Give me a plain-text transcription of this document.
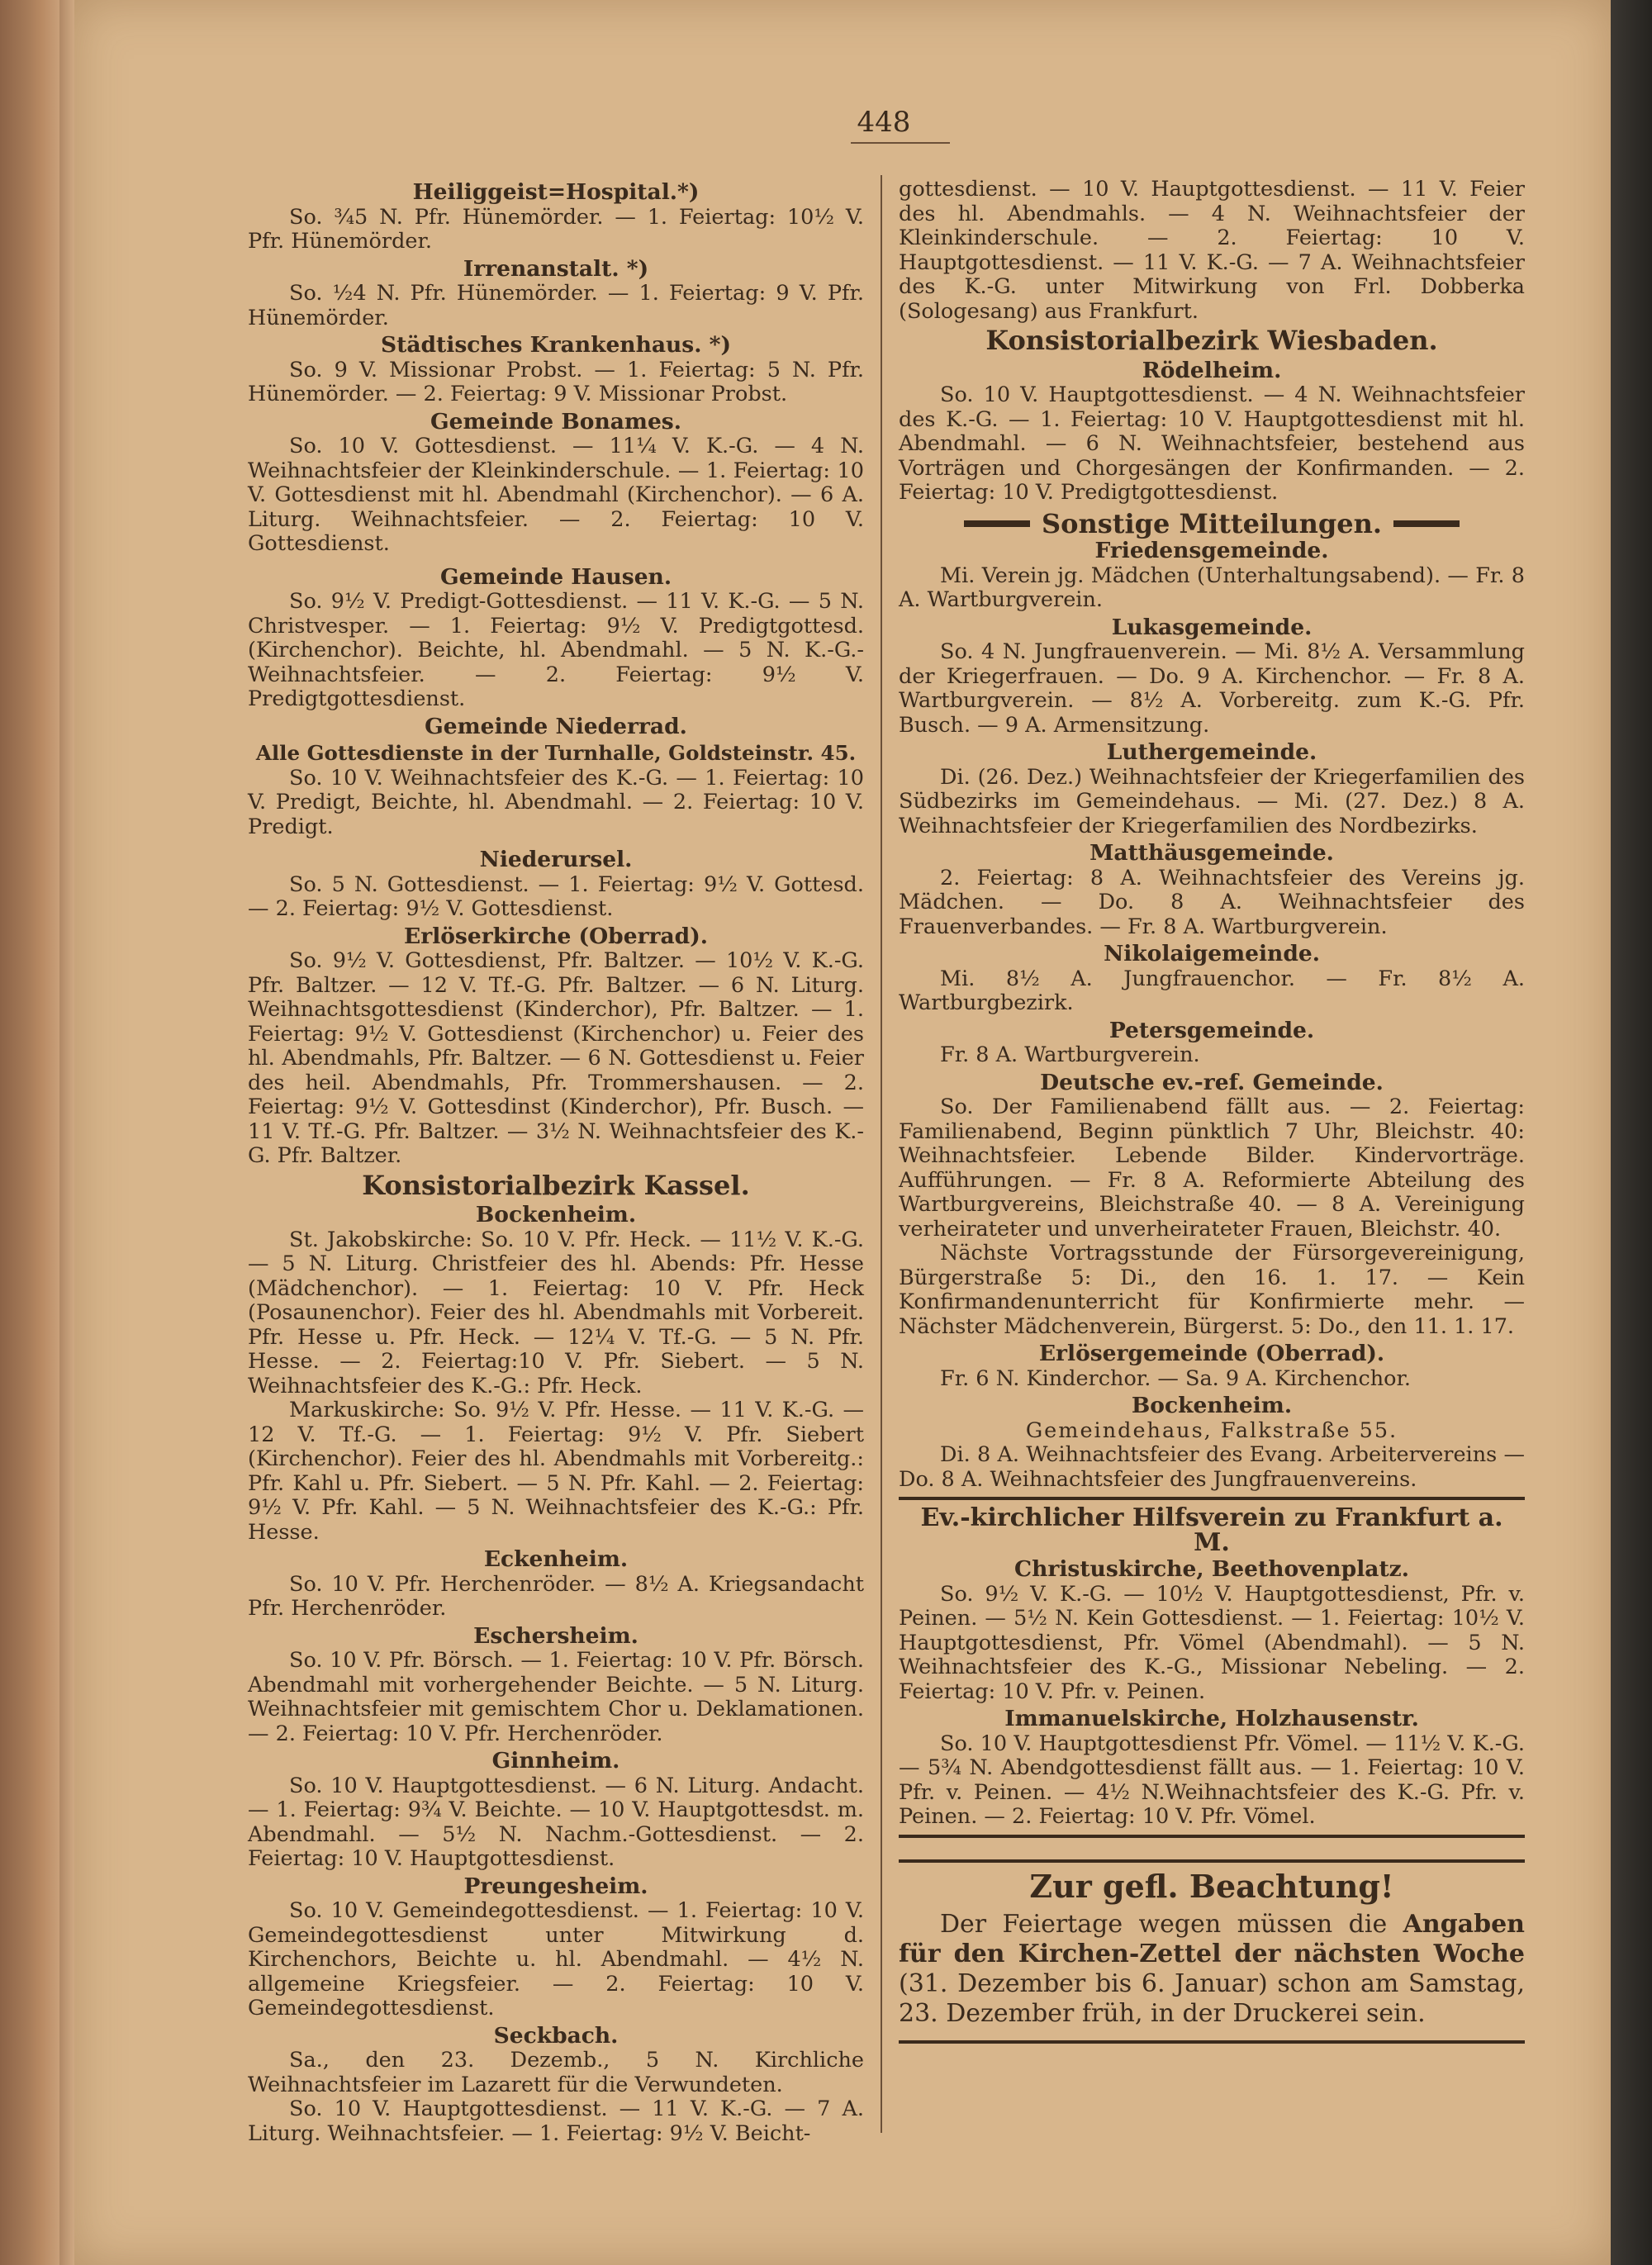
448
Heiliggeist=Hospital.*)

So. ¾5 N. Pfr. Hünemörder. — 1. Feiertag: 10½ V. Pfr. Hünemörder.

Irrenanstalt. *)

So. ½4 N. Pfr. Hünemörder. — 1. Feiertag: 9 V. Pfr. Hünemörder.

Städtisches Krankenhaus. *)

So. 9 V. Missionar Probst. — 1. Feiertag: 5 N. Pfr. Hünemörder. — 2. Feiertag: 9 V. Missionar Probst.

Gemeinde Bonames.

So. 10 V. Gottesdienst. — 11¼ V. K.-G. — 4 N. Weihnachtsfeier der Kleinkinderschule. — 1. Feiertag: 10 V. Gottesdienst mit hl. Abendmahl (Kirchenchor). — 6 A. Liturg. Weihnachtsfeier. — 2. Feiertag: 10 V. Gottesdienst.

Gemeinde Hausen.

So. 9½ V. Predigt-Gottesdienst. — 11 V. K.-G. — 5 N. Christvesper. — 1. Feiertag: 9½ V. Predigtgottesd. (Kirchenchor). Beichte, hl. Abendmahl. — 5 N. K.-G.-Weihnachtsfeier. — 2. Feiertag: 9½ V. Predigtgottesdienst.

Gemeinde Niederrad.
Alle Gottesdienste in der Turnhalle, Goldsteinstr. 45.

So. 10 V. Weihnachtsfeier des K.-G. — 1. Feiertag: 10 V. Predigt, Beichte, hl. Abendmahl. — 2. Feiertag: 10 V. Predigt.

Niederursel.

So. 5 N. Gottesdienst. — 1. Feiertag: 9½ V. Gottesd. — 2. Feiertag: 9½ V. Gottesdienst.

Erlöserkirche (Oberrad).

So. 9½ V. Gottesdienst, Pfr. Baltzer. — 10½ V. K.-G. Pfr. Baltzer. — 12 V. Tf.-G. Pfr. Baltzer. — 6 N. Liturg. Weihnachtsgottesdienst (Kinderchor), Pfr. Baltzer. — 1. Feiertag: 9½ V. Gottesdienst (Kirchenchor) u. Feier des hl. Abendmahls, Pfr. Baltzer. — 6 N. Gottesdienst u. Feier des heil. Abendmahls, Pfr. Trommershausen. — 2. Feiertag: 9½ V. Gottesdinst (Kinderchor), Pfr. Busch. — 11 V. Tf.-G. Pfr. Baltzer. — 3½ N. Weihnachtsfeier des K.-G. Pfr. Baltzer.

Konsistorialbezirk Kassel.
Bockenheim.

St. Jakobskirche: So. 10 V. Pfr. Heck. — 11½ V. K.-G. — 5 N. Liturg. Christfeier des hl. Abends: Pfr. Hesse (Mädchenchor). — 1. Feiertag: 10 V. Pfr. Heck (Posaunenchor). Feier des hl. Abendmahls mit Vorbereit. Pfr. Hesse u. Pfr. Heck. — 12¼ V. Tf.-G. — 5 N. Pfr. Hesse. — 2. Feiertag:10 V. Pfr. Siebert. — 5 N. Weihnachtsfeier des K.-G.: Pfr. Heck.

Markuskirche: So. 9½ V. Pfr. Hesse. — 11 V. K.-G. — 12 V. Tf.-G. — 1. Feiertag: 9½ V. Pfr. Siebert (Kirchenchor). Feier des hl. Abendmahls mit Vorbereitg.: Pfr. Kahl u. Pfr. Siebert. — 5 N. Pfr. Kahl. — 2. Feiertag: 9½ V. Pfr. Kahl. — 5 N. Weihnachtsfeier des K.-G.: Pfr. Hesse.

Eckenheim.

So. 10 V. Pfr. Herchenröder. — 8½ A. Kriegsandacht Pfr. Herchenröder.

Eschersheim.

So. 10 V. Pfr. Börsch. — 1. Feiertag: 10 V. Pfr. Börsch. Abendmahl mit vorhergehender Beichte. — 5 N. Liturg. Weihnachtsfeier mit gemischtem Chor u. Deklamationen. — 2. Feiertag: 10 V. Pfr. Herchenröder.

Ginnheim.

So. 10 V. Hauptgottesdienst. — 6 N. Liturg. Andacht. — 1. Feiertag: 9¾ V. Beichte. — 10 V. Hauptgottesdst. m. Abendmahl. — 5½ N. Nachm.-Gottesdienst. — 2. Feiertag: 10 V. Hauptgottesdienst.

Preungesheim.

So. 10 V. Gemeindegottesdienst. — 1. Feiertag: 10 V. Gemeindegottesdienst unter Mitwirkung d. Kirchenchors, Beichte u. hl. Abendmahl. — 4½ N. allgemeine Kriegsfeier. — 2. Feiertag: 10 V. Gemeindegottesdienst.

Seckbach.

Sa., den 23. Dezemb., 5 N. Kirchliche Weihnachtsfeier im Lazarett für die Verwundeten.

So. 10 V. Hauptgottesdienst. — 11 V. K.-G. — 7 A. Liturg. Weihnachtsfeier. — 1. Feiertag: 9½ V. Beicht-

gottesdienst. — 10 V. Hauptgottesdienst. — 11 V. Feier des hl. Abendmahls. — 4 N. Weihnachtsfeier der Kleinkinderschule. — 2. Feiertag: 10 V. Hauptgottesdienst. — 11 V. K.-G. — 7 A. Weihnachtsfeier des K.-G. unter Mitwirkung von Frl. Dobberka (Sologesang) aus Frankfurt.

Konsistorialbezirk Wiesbaden.
Rödelheim.

So. 10 V. Hauptgottesdienst. — 4 N. Weihnachtsfeier des K.-G. — 1. Feiertag: 10 V. Hauptgottesdienst mit hl. Abendmahl. — 6 N. Weihnachtsfeier, bestehend aus Vorträgen und Chorgesängen der Konfirmanden. — 2. Feiertag: 10 V. Predigtgottesdienst.

Sonstige Mitteilungen.
Friedensgemeinde.

Mi. Verein jg. Mädchen (Unterhaltungsabend). — Fr. 8 A. Wartburgverein.

Lukasgemeinde.

So. 4 N. Jungfrauenverein. — Mi. 8½ A. Versammlung der Kriegerfrauen. — Do. 9 A. Kirchenchor. — Fr. 8 A. Wartburgverein. — 8½ A. Vorbereitg. zum K.-G. Pfr. Busch. — 9 A. Armensitzung.

Luthergemeinde.

Di. (26. Dez.) Weihnachtsfeier der Kriegerfamilien des Südbezirks im Gemeindehaus. — Mi. (27. Dez.) 8 A. Weihnachtsfeier der Kriegerfamilien des Nordbezirks.

Matthäusgemeinde.

2. Feiertag: 8 A. Weihnachtsfeier des Vereins jg. Mädchen. — Do. 8 A. Weihnachtsfeier des Frauenverbandes. — Fr. 8 A. Wartburgverein.

Nikolaigemeinde.

Mi. 8½ A. Jungfrauenchor. — Fr. 8½ A. Wartburgbezirk.

Petersgemeinde.

Fr. 8 A. Wartburgverein.

Deutsche ev.-ref. Gemeinde.

So. Der Familienabend fällt aus. — 2. Feiertag: Familienabend, Beginn pünktlich 7 Uhr, Bleichstr. 40: Weihnachtsfeier. Lebende Bilder. Kindervorträge. Aufführungen. — Fr. 8 A. Reformierte Abteilung des Wartburgvereins, Bleichstraße 40. — 8 A. Vereinigung verheirateter und unverheirateter Frauen, Bleichstr. 40.

Nächste Vortragsstunde der Fürsorgevereinigung, Bürgerstraße 5: Di., den 16. 1. 17. — Kein Konfirmandenunterricht für Konfirmierte mehr. — Nächster Mädchenverein, Bürgerst. 5: Do., den 11. 1. 17.

Erlösergemeinde (Oberrad).

Fr. 6 N. Kinderchor. — Sa. 9 A. Kirchenchor.

Bockenheim.

Gemeindehaus, Falkstraße 55.

Di. 8 A. Weihnachtsfeier des Evang. Arbeitervereins — Do. 8 A. Weihnachtsfeier des Jungfrauenvereins.

Ev.-kirchlicher Hilfsverein zu Frankfurt a. M.
Christuskirche, Beethovenplatz.

So. 9½ V. K.-G. — 10½ V. Hauptgottesdienst, Pfr. v. Peinen. — 5½ N. Kein Gottesdienst. — 1. Feiertag: 10½ V. Hauptgottesdienst, Pfr. Vömel (Abendmahl). — 5 N. Weihnachtsfeier des K.-G., Missionar Nebeling. — 2. Feiertag: 10 V. Pfr. v. Peinen.

Immanuelskirche, Holzhausenstr.

So. 10 V. Hauptgottesdienst Pfr. Vömel. — 11½ V. K.-G. — 5¾ N. Abendgottesdienst fällt aus. — 1. Feiertag: 10 V. Pfr. v. Peinen. — 4½ N.Weihnachtsfeier des K.-G. Pfr. v. Peinen. — 2. Feiertag: 10 V. Pfr. Vömel.

Zur gefl. Beachtung!

Der Feiertage wegen müssen die Angaben für den Kirchen-Zettel der nächsten Woche (31. Dezember bis 6. Januar) schon am Samstag, 23. Dezember früh, in der Druckerei sein.
